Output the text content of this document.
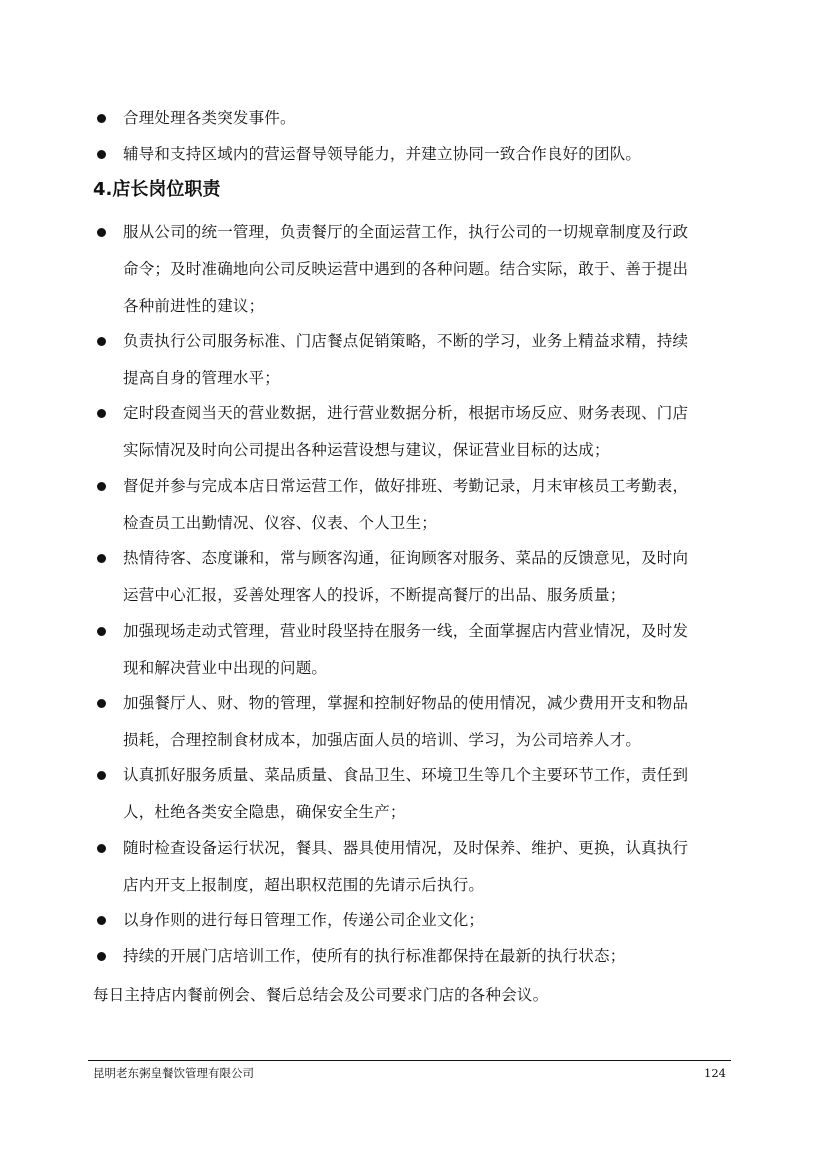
合理处理各类突发事件。
辅导和支持区域内的营运督导领导能力，并建立协同一致合作良好的团队。
4.店长岗位职责
服从公司的统一管理，负责餐厅的全面运营工作，执行公司的一切规章制度及行政
命令；及时准确地向公司反映运营中遇到的各种问题。结合实际，敢于、善于提出
各种前进性的建议；
负责执行公司服务标准、门店餐点促销策略，不断的学习，业务上精益求精，持续
提高自身的管理水平；
定时段查阅当天的营业数据，进行营业数据分析，根据市场反应、财务表现、门店
实际情况及时向公司提出各种运营设想与建议，保证营业目标的达成；
督促并参与完成本店日常运营工作，做好排班、考勤记录，月末审核员工考勤表，
检查员工出勤情况、仪容、仪表、个人卫生；
热情待客、态度谦和，常与顾客沟通，征询顾客对服务、菜品的反馈意见，及时向
运营中心汇报，妥善处理客人的投诉，不断提高餐厅的出品、服务质量；
加强现场走动式管理，营业时段坚持在服务一线，全面掌握店内营业情况，及时发
现和解决营业中出现的问题。
加强餐厅人、财、物的管理，掌握和控制好物品的使用情况，减少费用开支和物品
损耗，合理控制食材成本，加强店面人员的培训、学习，为公司培养人才。
认真抓好服务质量、菜品质量、食品卫生、环境卫生等几个主要环节工作，责任到
人，杜绝各类安全隐患，确保安全生产；
随时检查设备运行状况，餐具、器具使用情况，及时保养、维护、更换，认真执行
店内开支上报制度，超出职权范围的先请示后执行。
以身作则的进行每日管理工作，传递公司企业文化；
持续的开展门店培训工作，使所有的执行标准都保持在最新的执行状态；
每日主持店内餐前例会、餐后总结会及公司要求门店的各种会议。
昆明老东粥皇餐饮管理有限公司	124
